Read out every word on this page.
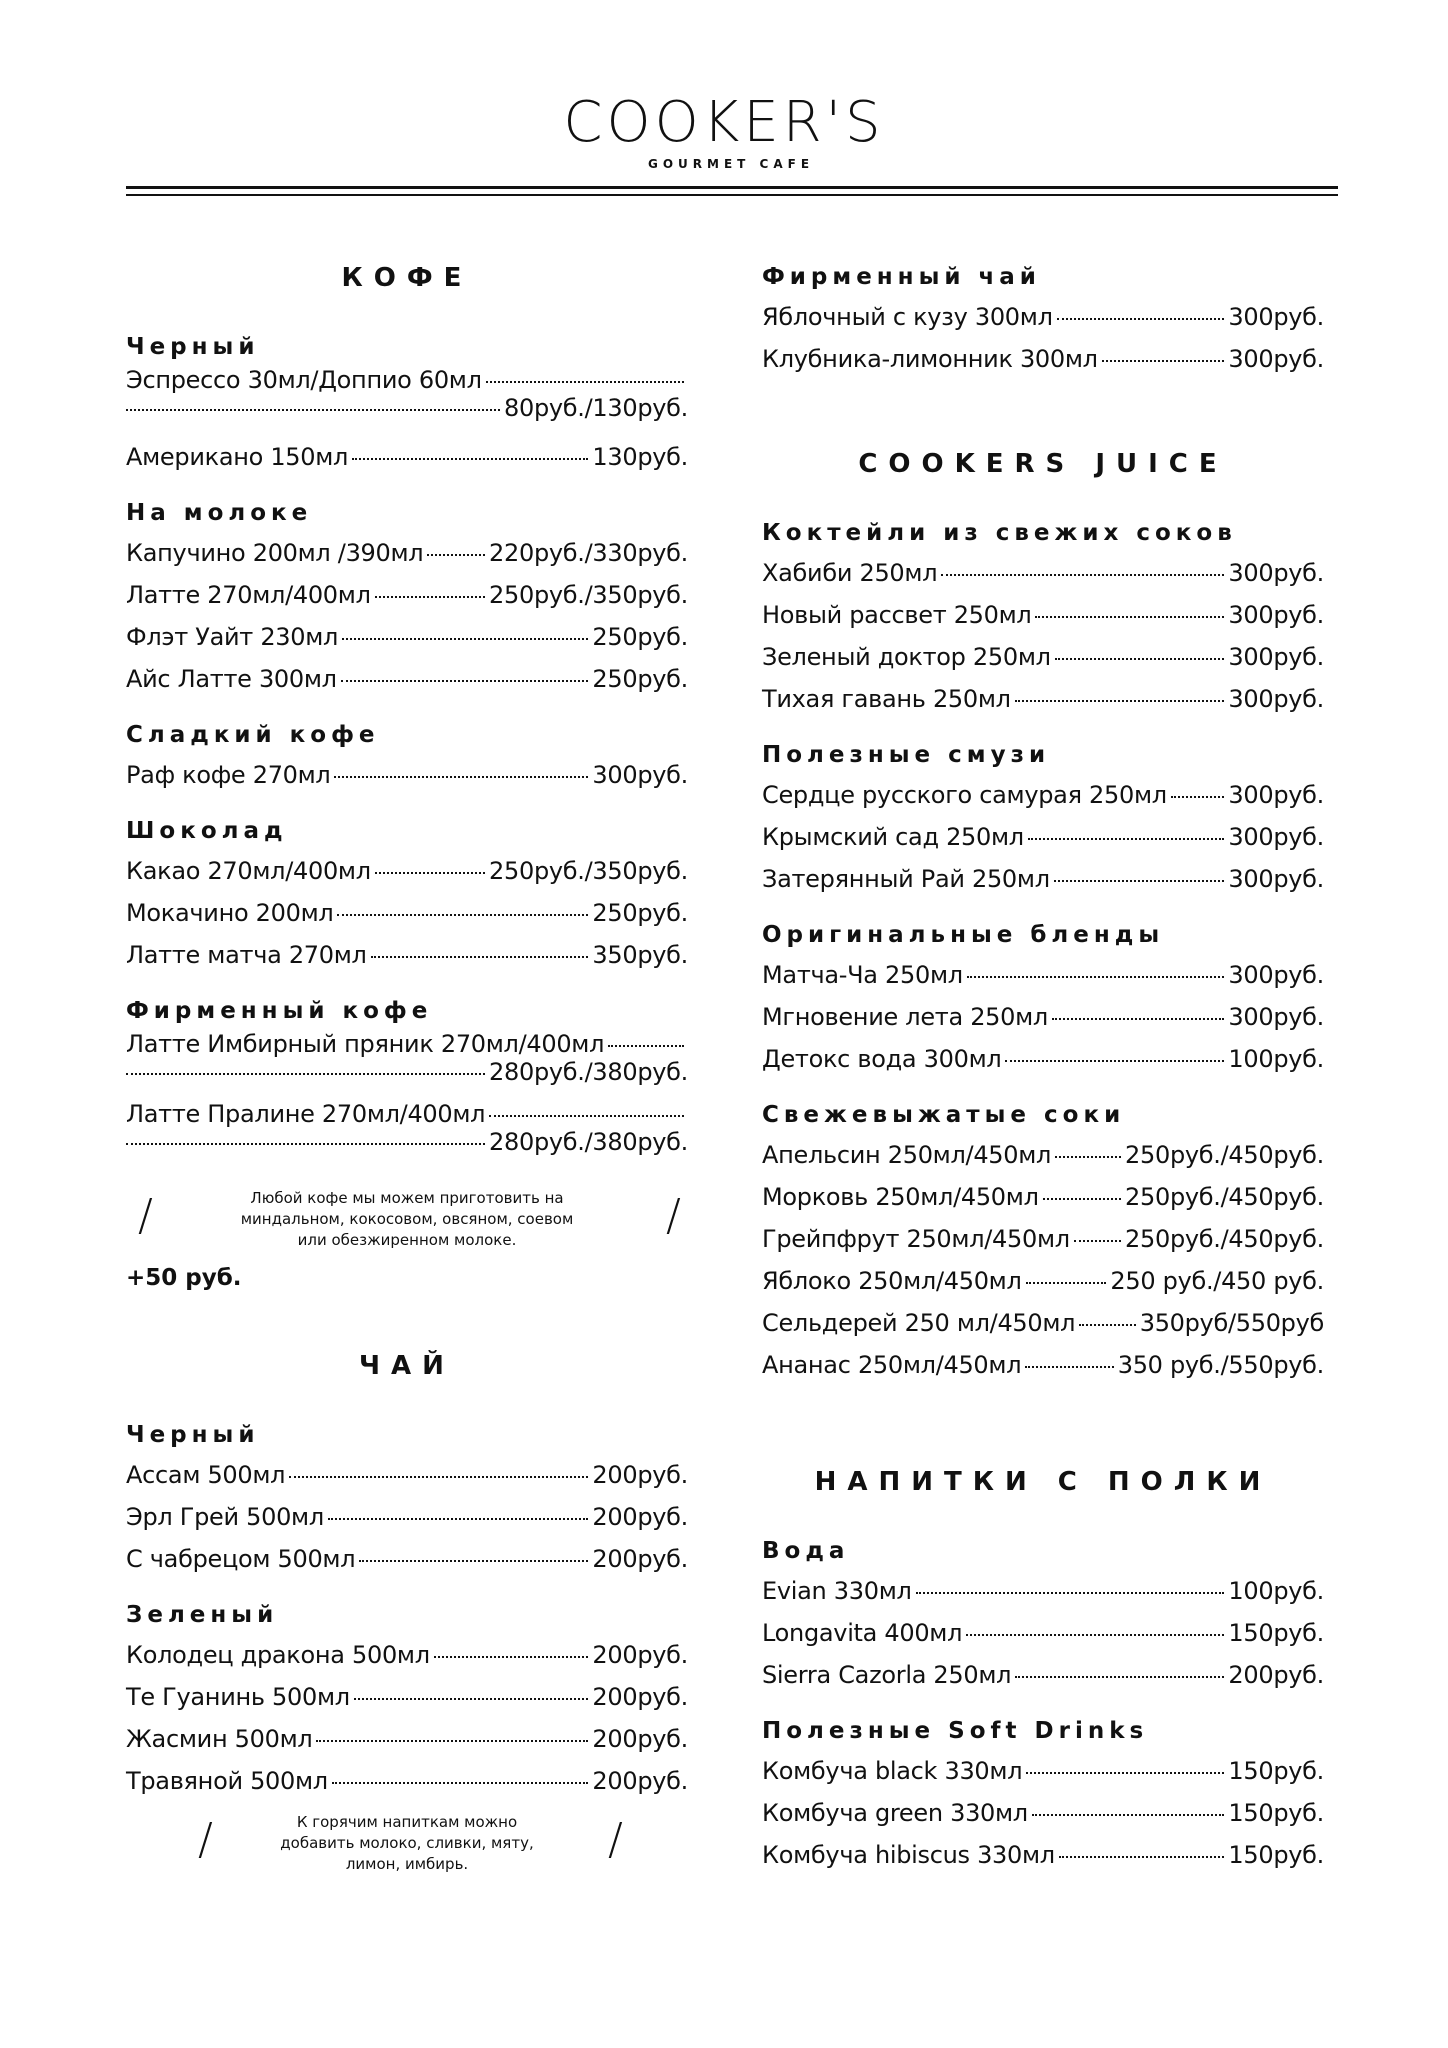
COOKER'S
GOURMET CAFE
КОФЕ
Черный
Эспрессо 30мл/Доппио 60мл
80руб./130руб.
Американо 150мл	130руб.
На молоке
Капучино 200мл /390мл	220руб./330руб.
Латте 270мл/400мл	250руб./350руб.
Флэт Уайт 230мл	250руб.
Айс Латте 300мл	250руб.
Сладкий кофе
Раф кофе 270мл	300руб.
Шоколад
Какао 270мл/400мл	250руб./350руб.
Мокачино 200мл	250руб.
Латте матча 270мл	350руб.
Фирменный кофе
Латте Имбирный пряник 270мл/400мл
280руб./380руб.
Латте Пралине 270мл/400мл
280руб./380руб.
/	Любой кофе мы можем приготовить на миндальном, кокосовом, овсяном, соевом или обезжиренном молоке.	/
+50 руб.
ЧАЙ
Черный
Ассам 500мл	200руб.
Эрл Грей 500мл	200руб.
С чабрецом 500мл	200руб.
Зеленый
Колодец дракона 500мл	200руб.
Те Гуанинь 500мл	200руб.
Жасмин 500мл	200руб.
Травяной 500мл	200руб.
/	К горячим напиткам можно добавить молоко, сливки, мяту, лимон, имбирь.	/
Фирменный чай
Яблочный с кузу 300мл	300руб.
Клубника-лимонник 300мл	300руб.
COOKERS JUICE
Коктейли из свежих соков
Хабиби 250мл	300руб.
Новый рассвет 250мл	300руб.
Зеленый доктор 250мл	300руб.
Тихая гавань 250мл	300руб.
Полезные смузи
Сердце русского самурая 250мл	300руб.
Крымский сад 250мл	300руб.
Затерянный Рай 250мл	300руб.
Оригинальные бленды
Матча-Ча 250мл	300руб.
Мгновение лета 250мл	300руб.
Детокс вода 300мл	100руб.
Свежевыжатые соки
Апельсин 250мл/450мл	250руб./450руб.
Морковь 250мл/450мл	250руб./450руб.
Грейпфрут 250мл/450мл 250руб./450руб.
Яблоко 250мл/450мл	250 руб./450 руб.
Сельдерей 250 мл/450мл	350руб/550руб
Ананас 250мл/450мл	350 руб./550руб.
НАПИТКИ С ПОЛКИ
Вода
Evian 330мл	100руб.
Longavita 400мл	150руб.
Sierra Cazorla 250мл	200руб.
Полезные Soft Drinks
Комбуча black 330мл	150руб.
Комбуча green 330мл	150руб.
Комбуча hibiscus 330мл	150руб.
